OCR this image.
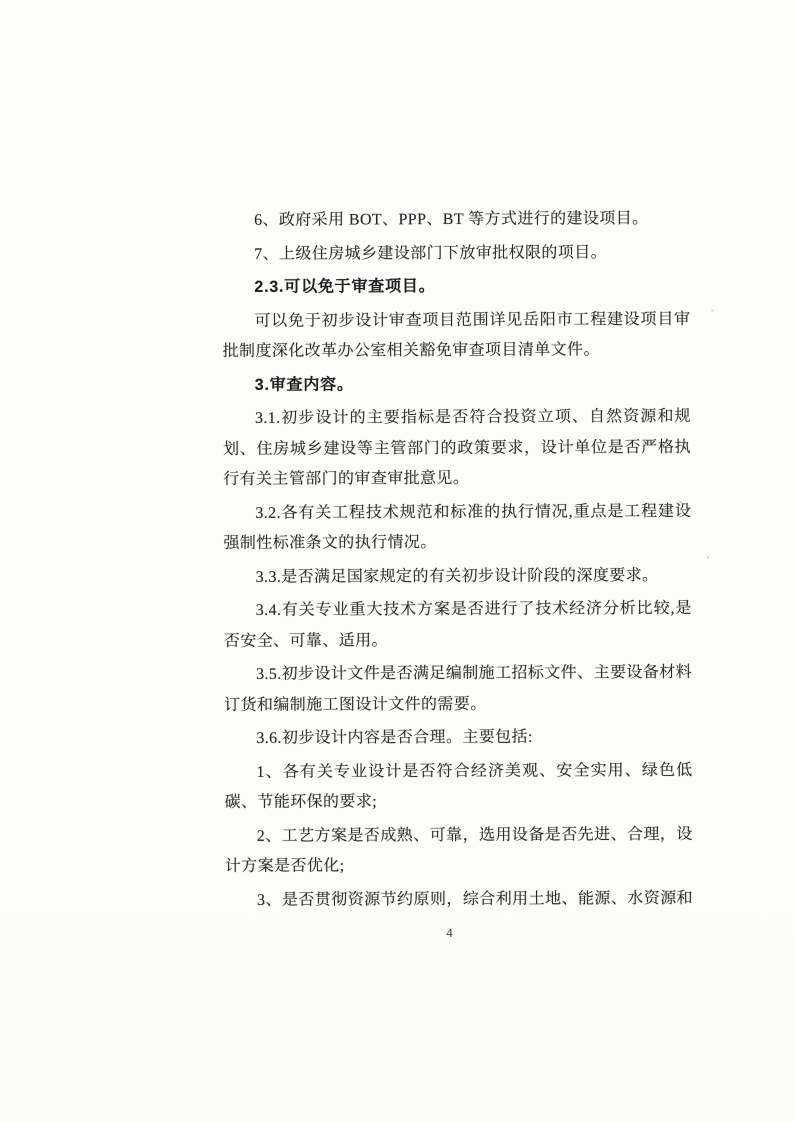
6、政府采用 BOT、PPP、BT 等方式进行的建设项目。

7、上级住房城乡建设部门下放审批权限的项目。

2.3.可以免于审查项目。

可以免于初步设计审查项目范围详见岳阳市工程建设项目审批制度深化改革办公室相关豁免审查项目清单文件。

3.审查内容。

3.1.初步设计的主要指标是否符合投资立项、自然资源和规划、住房城乡建设等主管部门的政策要求，设计单位是否严格执行有关主管部门的审查审批意见。

3.2.各有关工程技术规范和标准的执行情况,重点是工程建设强制性标准条文的执行情况。

3.3.是否满足国家规定的有关初步设计阶段的深度要求。

3.4.有关专业重大技术方案是否进行了技术经济分析比较,是否安全、可靠、适用。

3.5.初步设计文件是否满足编制施工招标文件、主要设备材料订货和编制施工图设计文件的需要。

3.6.初步设计内容是否合理。主要包括:

1、各有关专业设计是否符合经济美观、安全实用、绿色低碳、节能环保的要求;

2、工艺方案是否成熟、可靠，选用设备是否先进、合理，设计方案是否优化;

3、是否贯彻资源节约原则，综合利用土地、能源、水资源和

4
